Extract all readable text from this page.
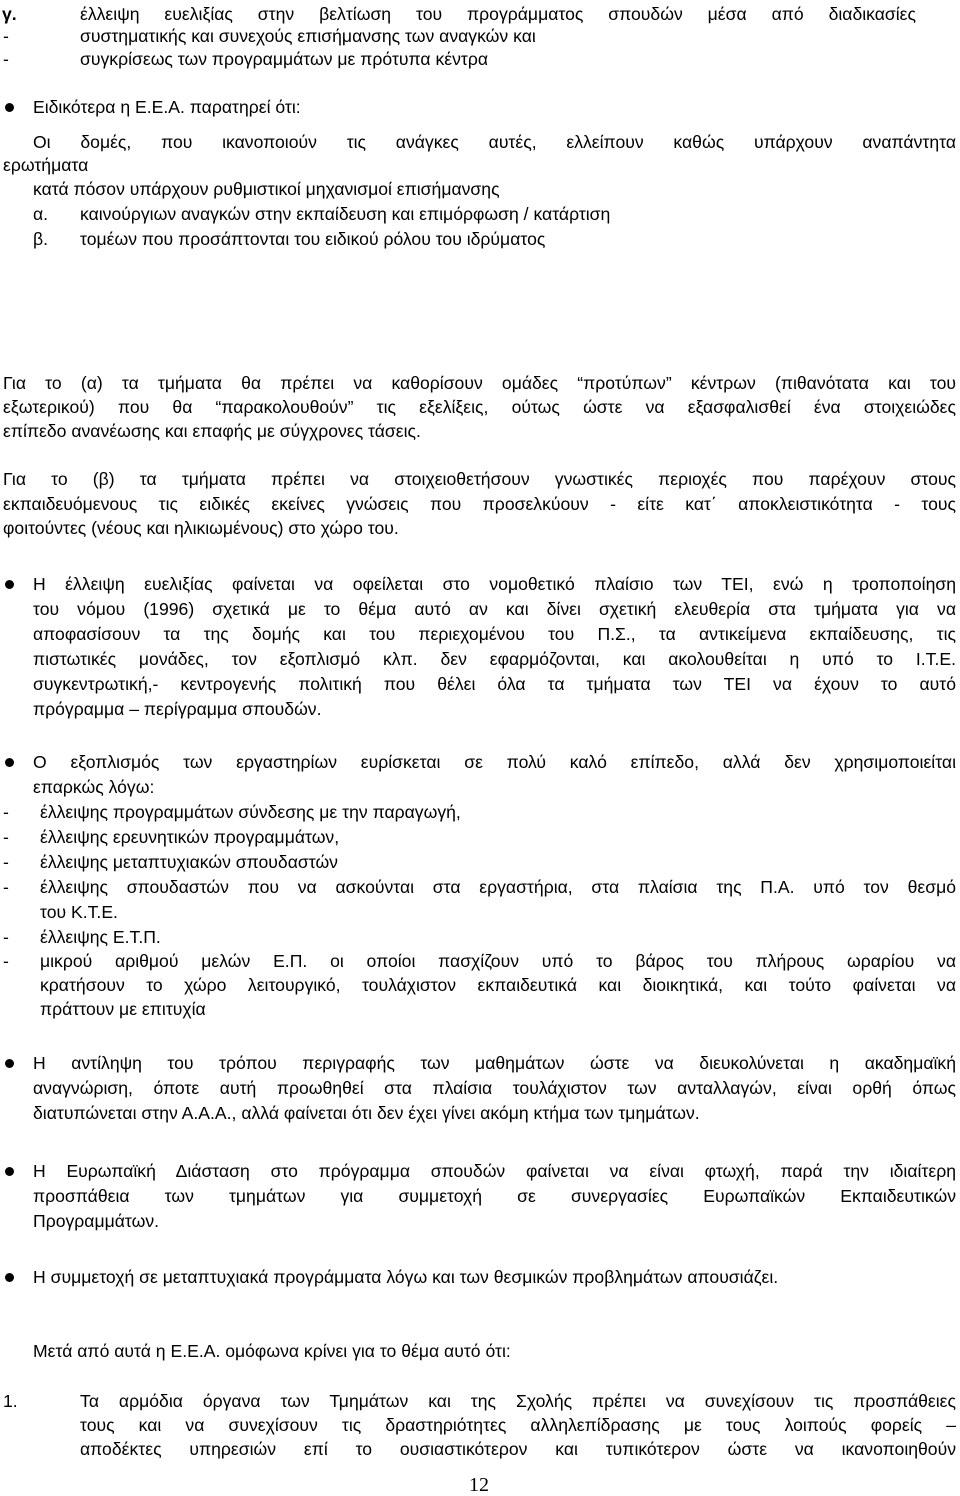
γ.	έλλειψη ευελιξίας στην βελτίωση του προγράμματος σπουδών μέσα από διαδικασίες
-	συστηματικής και συνεχούς επισήμανσης των αναγκών και
-	συγκρίσεως των προγραμμάτων με πρότυπα κέντρα
Ειδικότερα η Ε.Ε.Α. παρατηρεί ότι:
Οι δομές, που ικανοποιούν τις ανάγκες αυτές, ελλείπουν καθώς υπάρχουν αναπάντητα
ερωτήματα
κατά πόσον υπάρχουν ρυθμιστικοί μηχανισμοί επισήμανσης
α. καινούργιων αναγκών στην εκπαίδευση και επιμόρφωση / κατάρτιση
β. τομέων που προσάπτονται του ειδικού ρόλου του ιδρύματος
Για το (α) τα τμήματα θα πρέπει να καθορίσουν ομάδες “προτύπων” κέντρων (πιθανότατα και του
εξωτερικού) που θα “παρακολουθούν” τις εξελίξεις, ούτως ώστε να εξασφαλισθεί ένα στοιχειώδες
επίπεδο ανανέωσης και επαφής με σύγχρονες τάσεις.
Για το (β) τα τμήματα πρέπει να στοιχειοθετήσουν γνωστικές περιοχές που παρέχουν στους
εκπαιδευόμενους τις ειδικές εκείνες γνώσεις που προσελκύουν - είτε κατ΄ αποκλειστικότητα - τους
φοιτούντες (νέους και ηλικιωμένους) στο χώρο του.
Η έλλειψη ευελιξίας φαίνεται να οφείλεται στο νομοθετικό πλαίσιο των ΤΕΙ, ενώ η τροποποίηση
του νόμου (1996) σχετικά με το θέμα αυτό αν και δίνει σχετική ελευθερία στα τμήματα για να
αποφασίσουν τα της δομής και του περιεχομένου του Π.Σ., τα αντικείμενα εκπαίδευσης, τις
πιστωτικές μονάδες, τον εξοπλισμό κλπ. δεν εφαρμόζονται, και ακολουθείται η υπό το Ι.Τ.Ε.
συγκεντρωτική,- κεντρογενής πολιτική που θέλει όλα τα τμήματα των ΤΕΙ να έχουν το αυτό
πρόγραμμα – περίγραμμα σπουδών.
Ο εξοπλισμός των εργαστηρίων ευρίσκεται σε πολύ καλό επίπεδο, αλλά δεν χρησιμοποιείται
επαρκώς λόγω:
- έλλειψης προγραμμάτων σύνδεσης με την παραγωγή,
- έλλειψης ερευνητικών προγραμμάτων,
- έλλειψης μεταπτυχιακών σπουδαστών
- έλλειψης σπουδαστών που να ασκούνται στα εργαστήρια, στα πλαίσια της Π.Α. υπό τον θεσμό
του Κ.Τ.Ε.
- έλλειψης Ε.Τ.Π.
- μικρού αριθμού μελών Ε.Π. οι οποίοι πασχίζουν υπό το βάρος του πλήρους ωραρίου να
κρατήσουν το χώρο λειτουργικό, τουλάχιστον εκπαιδευτικά και διοικητικά, και τούτο φαίνεται να
πράττουν με επιτυχία
Η αντίληψη του τρόπου περιγραφής των μαθημάτων ώστε να διευκολύνεται η ακαδημαϊκή
αναγνώριση, όποτε αυτή προωθηθεί στα πλαίσια τουλάχιστον των ανταλλαγών, είναι ορθή όπως
διατυπώνεται στην Α.Α.Α., αλλά φαίνεται ότι δεν έχει γίνει ακόμη κτήμα των τμημάτων.
Η Ευρωπαϊκή Διάσταση στο πρόγραμμα σπουδών φαίνεται να είναι φτωχή, παρά την ιδιαίτερη
προσπάθεια των τμημάτων για συμμετοχή σε συνεργασίες Ευρωπαϊκών Εκπαιδευτικών
Προγραμμάτων.
Η συμμετοχή σε μεταπτυχιακά προγράμματα λόγω και των θεσμικών προβλημάτων απουσιάζει.
Μετά από αυτά η Ε.Ε.Α. ομόφωνα κρίνει για το θέμα αυτό ότι:
1.	Τα αρμόδια όργανα των Τμημάτων και της Σχολής πρέπει να συνεχίσουν τις προσπάθειες
τους και να συνεχίσουν τις δραστηριότητες αλληλεπίδρασης με τους λοιπούς φορείς –
αποδέκτες υπηρεσιών επί το ουσιαστικότερον και τυπικότερον ώστε να ικανοποιηθούν
12
